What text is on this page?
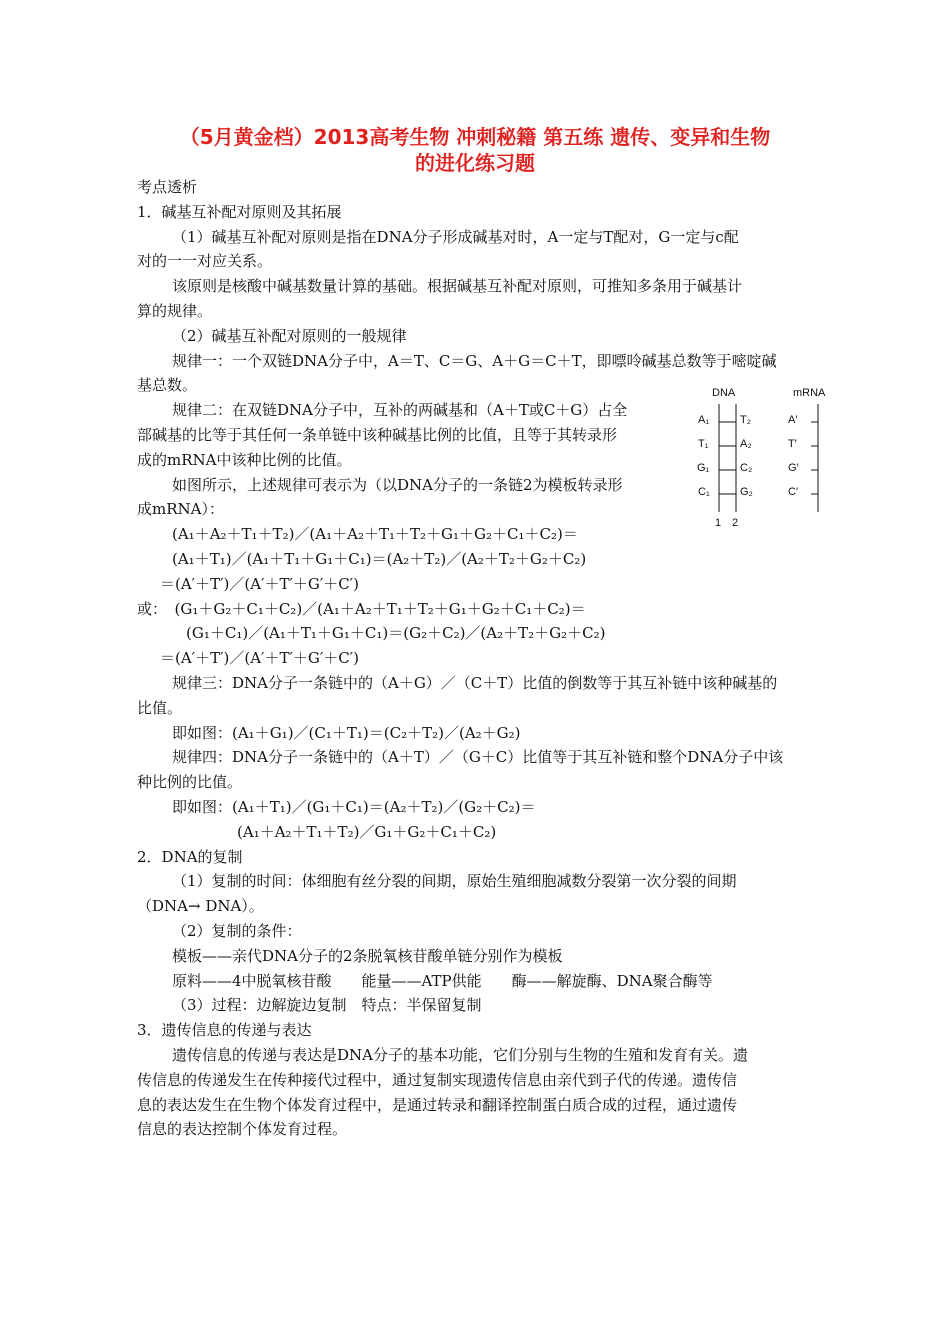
（5月黄金档）2013高考生物 冲刺秘籍 第五练 遗传、变异和生物
的进化练习题
考点透析
1．碱基互补配对原则及其拓展
（1）碱基互补配对原则是指在DNA分子形成碱基对时，A一定与T配对，G一定与c配
对的一一对应关系。
该原则是核酸中碱基数量计算的基础。根据碱基互补配对原则，可推知多条用于碱基计
算的规律。
（2）碱基互补配对原则的一般规律
规律一：一个双链DNA分子中，A＝T、C＝G、A＋G＝C＋T，即嘌呤碱基总数等于嘧啶碱
基总数。
规律二：在双链DNA分子中，互补的两碱基和（A＋T或C＋G）占全
部碱基的比等于其任何一条单链中该种碱基比例的比值，且等于其转录形
成的mRNA中该种比例的比值。
如图所示，上述规律可表示为（以DNA分子的一条链2为模板转录形
成mRNA）：
(A₁＋A₂＋T₁＋T₂)／(A₁＋A₂＋T₁＋T₂＋G₁＋G₂＋C₁＋C₂)＝
(A₁＋T₁)／(A₁＋T₁＋G₁＋C₁)＝(A₂＋T₂)／(A₂＋T₂＋G₂＋C₂)
＝(A′＋T′)／(A′＋T′＋G′＋C′)
或：　(G₁＋G₂＋C₁＋C₂)／(A₁＋A₂＋T₁＋T₂＋G₁＋G₂＋C₁＋C₂)＝
(G₁＋C₁)／(A₁＋T₁＋G₁＋C₁)＝(G₂＋C₂)／(A₂＋T₂＋G₂＋C₂)
＝(A′＋T′)／(A′＋T′＋G′＋C′)
规律三：DNA分子一条链中的（A＋G）／（C＋T）比值的倒数等于其互补链中该种碱基的
比值。
即如图：(A₁＋G₁)／(C₁＋T₁)＝(C₂＋T₂)／(A₂＋G₂)
规律四：DNA分子一条链中的（A＋T）／（G＋C）比值等于其互补链和整个DNA分子中该
种比例的比值。
即如图：(A₁＋T₁)／(G₁＋C₁)＝(A₂＋T₂)／(G₂＋C₂)＝
(A₁＋A₂＋T₁＋T₂)／G₁＋G₂＋C₁＋C₂)
2．DNA的复制
（1）复制的时间：体细胞有丝分裂的间期，原始生殖细胞减数分裂第一次分裂的间期
（DNA→ DNA）。
（2）复制的条件：
模板——亲代DNA分子的2条脱氧核苷酸单链分别作为模板
原料——4中脱氧核苷酸　　能量——ATP供能　　酶——解旋酶、DNA聚合酶等
（3）过程：边解旋边复制　特点：半保留复制
3．遗传信息的传递与表达
遗传信息的传递与表达是DNA分子的基本功能，它们分别与生物的生殖和发育有关。遗
传信息的传递发生在传种接代过程中，通过复制实现遗传信息由亲代到子代的传递。遗传信
息的表达发生在生物个体发育过程中，是通过转录和翻译控制蛋白质合成的过程，通过遗传
信息的表达控制个体发育过程。
DNA	mRNA
A₁
T₁
G₁
C₁
T₂
A₂
C₂
G₂
A′
T′
G′
C′
1 2
